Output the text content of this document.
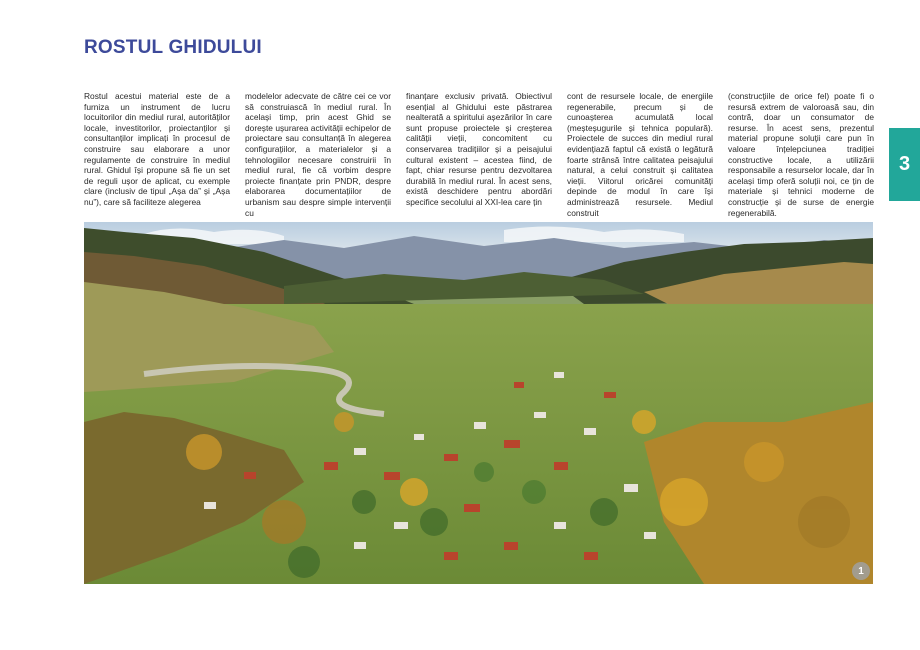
ROSTUL GHIDULUI
Rostul acestui material este de a furniza un instrument de lucru locuitorilor din mediul rural, autorităților locale, investitorilor, proiectanților și consultanților implicați în procesul de construire sau elaborare a unor regulamente de construire în mediul rural. Ghidul își propune să fie un set de reguli ușor de aplicat, cu exemple clare (inclusiv de tipul „Așa da” și „Așa nu”), care să faciliteze alegerea
modelelor adecvate de către cei ce vor să construiască în mediul rural. În același timp, prin acest Ghid se dorește ușurarea activității echipelor de proiectare sau consultanță în alegerea configurațiilor, a materialelor și a tehnologiilor necesare construirii în mediul rural, fie că vorbim despre proiecte finanțate prin PNDR, despre elaborarea documentațiilor de urbanism sau despre simple intervenții cu
finanțare exclusiv privată. Obiectivul esențial al Ghidului este păstrarea nealterată a spiritului așezărilor în care sunt propuse proiectele și creșterea calității vieții, concomitent cu conservarea tradițiilor și a peisajului cultural existent – acestea fiind, de fapt, chiar resurse pentru dezvoltarea durabilă în mediul rural. În acest sens, există deschidere pentru abordări specifice secolului al XXI-lea care țin
cont de resursele locale, de energiile regenerabile, precum și de cunoașterea acumulată local (meșteșugurile și tehnica populară). Proiectele de succes din mediul rural evidențiază faptul că există o legătură foarte strânsă între calitatea peisajului natural, a celui construit și calitatea vieții. Viitorul oricărei comunități depinde de modul în care își administrează resursele. Mediul construit
(construcțiile de orice fel) poate fi o resursă extrem de valoroasă sau, din contră, doar un consumator de resurse. În acest sens, prezentul material propune soluții care pun în valoare înțelepciunea tradiției constructive locale, a utilizării responsabile a resurselor locale, dar în același timp oferă soluții noi, ce țin de materiale și tehnici moderne de construcție și de surse de energie regenerabilă.
3
1
